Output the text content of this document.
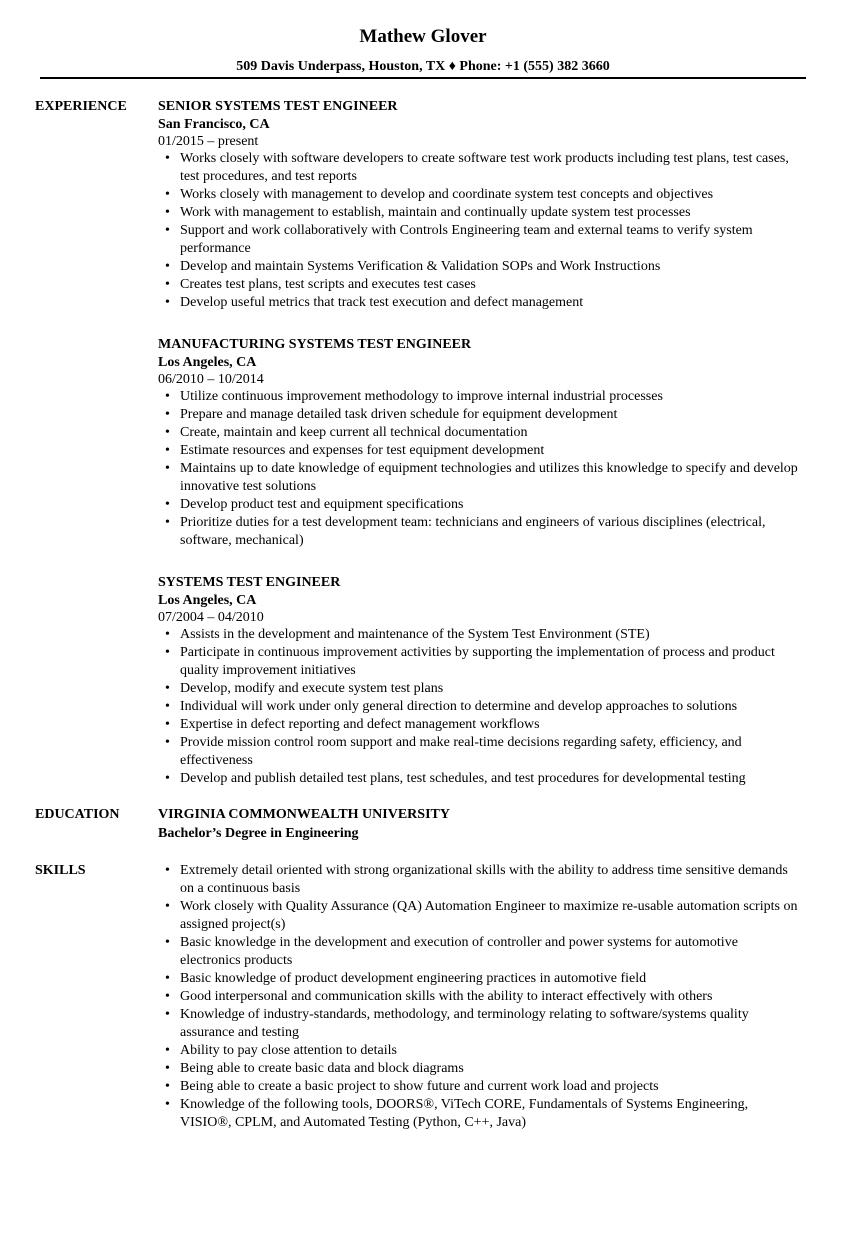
Mathew Glover
509 Davis Underpass, Houston, TX ♦ Phone: +1 (555) 382 3660
EXPERIENCE SENIOR SYSTEMS TEST ENGINEER
San Francisco, CA
01/2015 – present
• Works closely with software developers to create software test work products including test plans, test cases, test procedures, and test reports
• Works closely with management to develop and coordinate system test concepts and objectives
• Work with management to establish, maintain and continually update system test processes
• Support and work collaboratively with Controls Engineering team and external teams to verify system performance
• Develop and maintain Systems Verification & Validation SOPs and Work Instructions
• Creates test plans, test scripts and executes test cases
• Develop useful metrics that track test execution and defect management
MANUFACTURING SYSTEMS TEST ENGINEER
Los Angeles, CA
06/2010 – 10/2014
• Utilize continuous improvement methodology to improve internal industrial processes
• Prepare and manage detailed task driven schedule for equipment development
• Create, maintain and keep current all technical documentation
• Estimate resources and expenses for test equipment development
• Maintains up to date knowledge of equipment technologies and utilizes this knowledge to specify and develop innovative test solutions
• Develop product test and equipment specifications
• Prioritize duties for a test development team: technicians and engineers of various disciplines (electrical, software, mechanical)
SYSTEMS TEST ENGINEER
Los Angeles, CA
07/2004 – 04/2010
• Assists in the development and maintenance of the System Test Environment (STE)
• Participate in continuous improvement activities by supporting the implementation of process and product quality improvement initiatives
• Develop, modify and execute system test plans
• Individual will work under only general direction to determine and develop approaches to solutions
• Expertise in defect reporting and defect management workflows
• Provide mission control room support and make real-time decisions regarding safety, efficiency, and effectiveness
• Develop and publish detailed test plans, test schedules, and test procedures for developmental testing
EDUCATION	VIRGINIA COMMONWEALTH UNIVERSITY
Bachelor’s Degree in Engineering
SKILLS
•	Extremely detail oriented with strong organizational skills with the ability to address time sensitive demands on a continuous basis
• Work closely with Quality Assurance (QA) Automation Engineer to maximize re-usable automation scripts on assigned project(s)
• Basic knowledge in the development and execution of controller and power systems for automotive electronics products
• Basic knowledge of product development engineering practices in automotive field
• Good interpersonal and communication skills with the ability to interact effectively with others
• Knowledge of industry-standards, methodology, and terminology relating to software/systems quality assurance and testing
• Ability to pay close attention to details
• Being able to create basic data and block diagrams
• Being able to create a basic project to show future and current work load and projects
• Knowledge of the following tools, DOORS®, ViTech CORE, Fundamentals of Systems Engineering, VISIO®, CPLM, and Automated Testing (Python, C++, Java)
